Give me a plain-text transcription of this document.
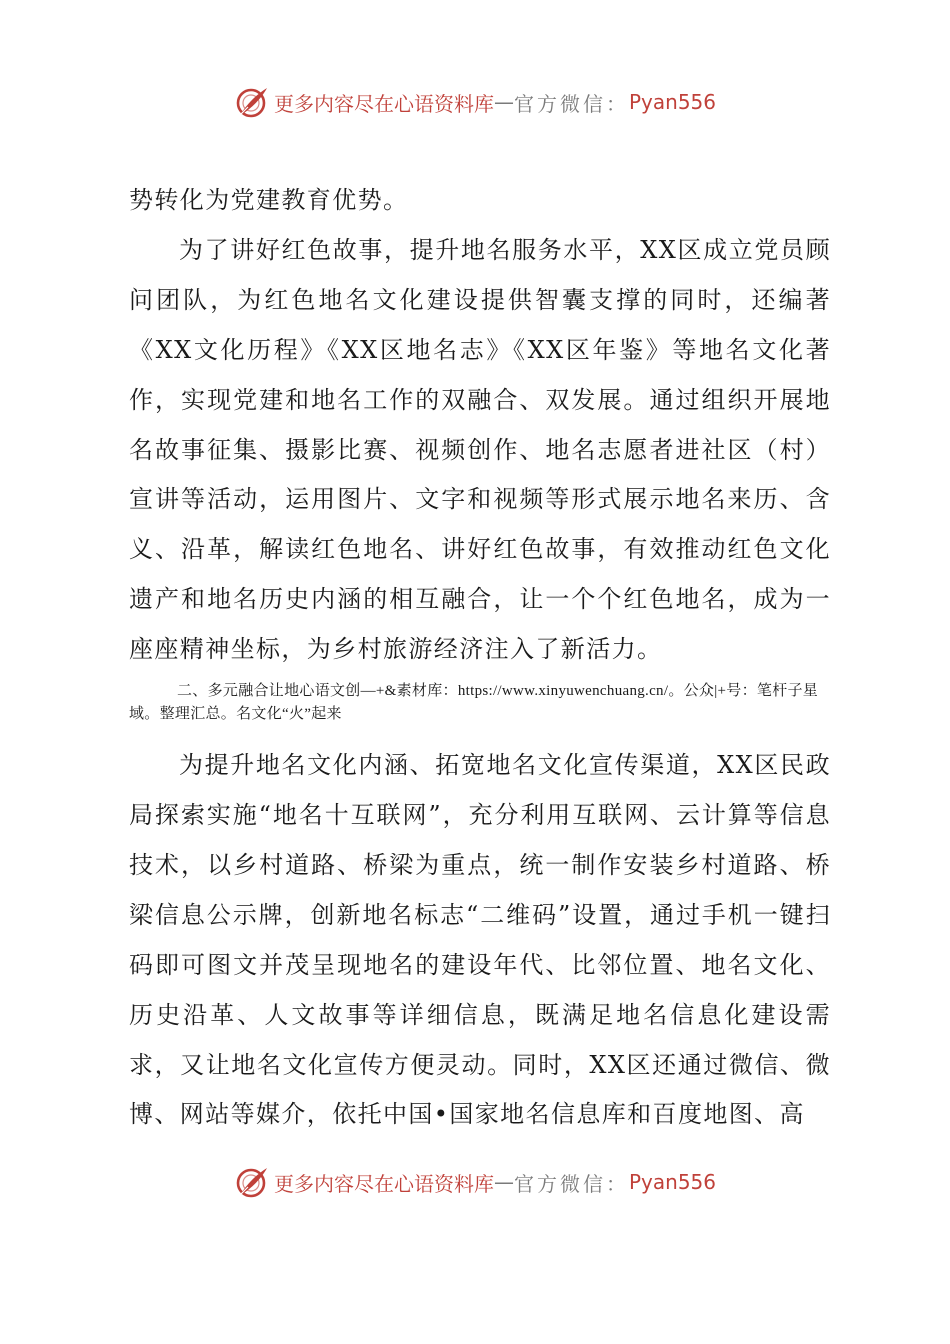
更多内容尽在心语资料库 — 官方微信： Pyan556

势转化为党建教育优势。

为了讲好红色故事，提升地名服务水平，XX区成立党员顾问团队，为红色地名文化建设提供智囊支撑的同时，还编著《XX文化历程》《XX区地名志》《XX区年鉴》等地名文化著作，实现党建和地名工作的双融合、双发展。通过组织开展地名故事征集、摄影比赛、视频创作、地名志愿者进社区（村）宣讲等活动，运用图片、文字和视频等形式展示地名来历、含义、沿革，解读红色地名、讲好红色故事，有效推动红色文化遗产和地名历史内涵的相互融合，让一个个红色地名，成为一座座精神坐标，为乡村旅游经济注入了新活力。

二、多元融合让地心语文创—+&素材库：https://www.xinyuwenchuang.cn/。公众|+号：笔杆子星域。整理汇总。名文化“火”起来

为提升地名文化内涵、拓宽地名文化宣传渠道，XX区民政局探索实施“地名十互联网”，充分利用互联网、云计算等信息技术，以乡村道路、桥梁为重点，统一制作安装乡村道路、桥梁信息公示牌，创新地名标志“二维码”设置，通过手机一键扫码即可图文并茂呈现地名的建设年代、比邻位置、地名文化、历史沿革、人文故事等详细信息，既满足地名信息化建设需求，又让地名文化宣传方便灵动。同时，XX区还通过微信、微博、网站等媒介，依托中国•国家地名信息库和百度地图、高

更多内容尽在心语资料库 — 官方微信： Pyan556
